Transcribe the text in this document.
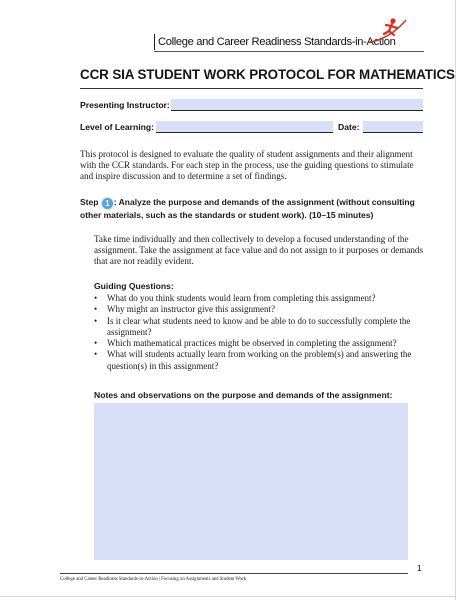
College and Career Readiness Standards-in-Action
CCR SIA STUDENT WORK PROTOCOL FOR MATHEMATICS
Presenting Instructor:
Level of Learning:	Date:
This protocol is designed to evaluate the quality of student assignments and their alignment with the CCR standards. For each step in the process, use the guiding questions to stimulate and inspire discussion and to determine a set of findings.
Step 1 : Analyze the purpose and demands of the assignment (without consulting other materials, such as the standards or student work). (10–15 minutes)
Take time individually and then collectively to develop a focused understanding of the assignment. Take the assignment at face value and do not assign to it purposes or demands that are not readily evident.
Guiding Questions:
• What do you think students would learn from completing this assignment?
• Why might an instructor give this assignment?
• Is it clear what students need to know and be able to do to successfully complete the assignment?
• Which mathematical practices might be observed in completing the assignment?
• What will students actually learn from working on the problem(s) and answering the question(s) in this assignment?
Notes and observations on the purpose and demands of the assignment:
1
College and Career Readiness Standards-in-Action | Focusing on Assignments and Student Work
